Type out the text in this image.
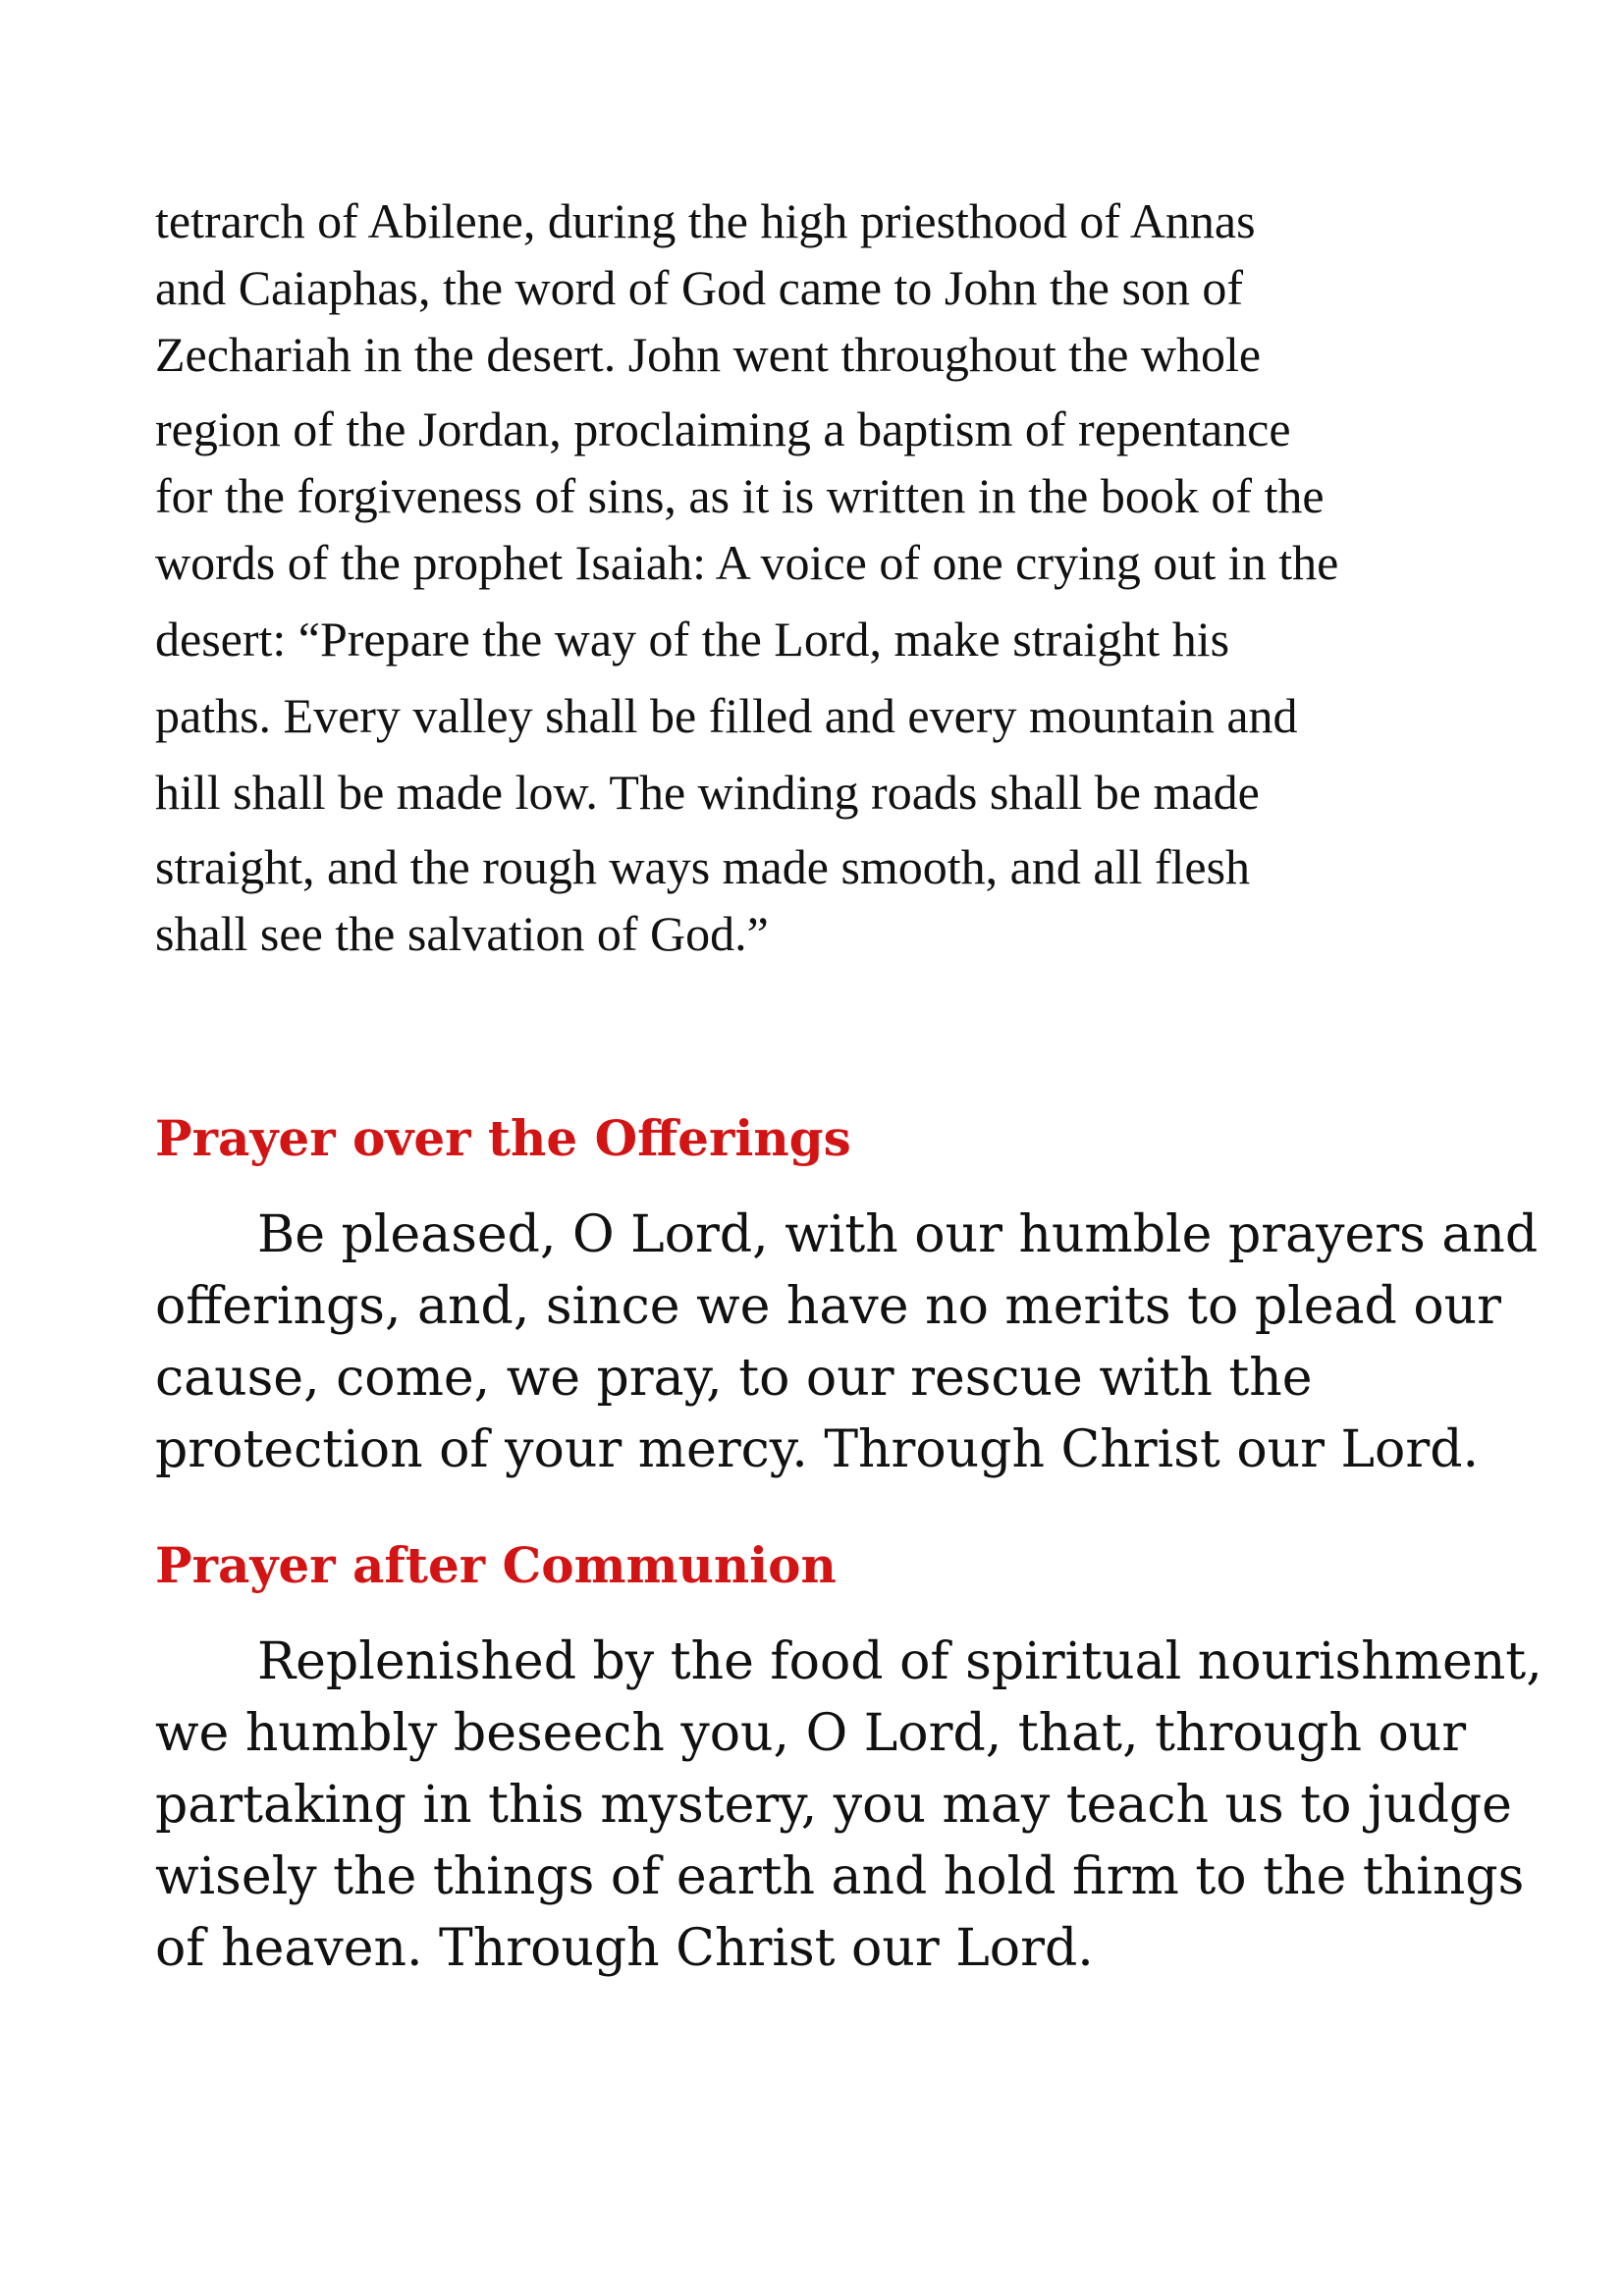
tetrarch of Abilene, during the high priesthood of Annas
and Caiaphas, the word of God came to John the son of
Zechariah in the desert. John went throughout the whole
region of the Jordan, proclaiming a baptism of repentance
for the forgiveness of sins, as it is written in the book of the
words of the prophet Isaiah: A voice of one crying out in the
desert: “Prepare the way of the Lord, make straight his
paths. Every valley shall be filled and every mountain and
hill shall be made low. The winding roads shall be made
straight, and the rough ways made smooth, and all flesh
shall see the salvation of God.”
Prayer over the Offerings
Be pleased, O Lord, with our humble prayers and
offerings, and, since we have no merits to plead our
cause, come, we pray, to our rescue with the
protection of your mercy. Through Christ our Lord.
Prayer after Communion
Replenished by the food of spiritual nourishment,
we humbly beseech you, O Lord, that, through our
partaking in this mystery, you may teach us to judge
wisely the things of earth and hold firm to the things
of heaven. Through Christ our Lord.
